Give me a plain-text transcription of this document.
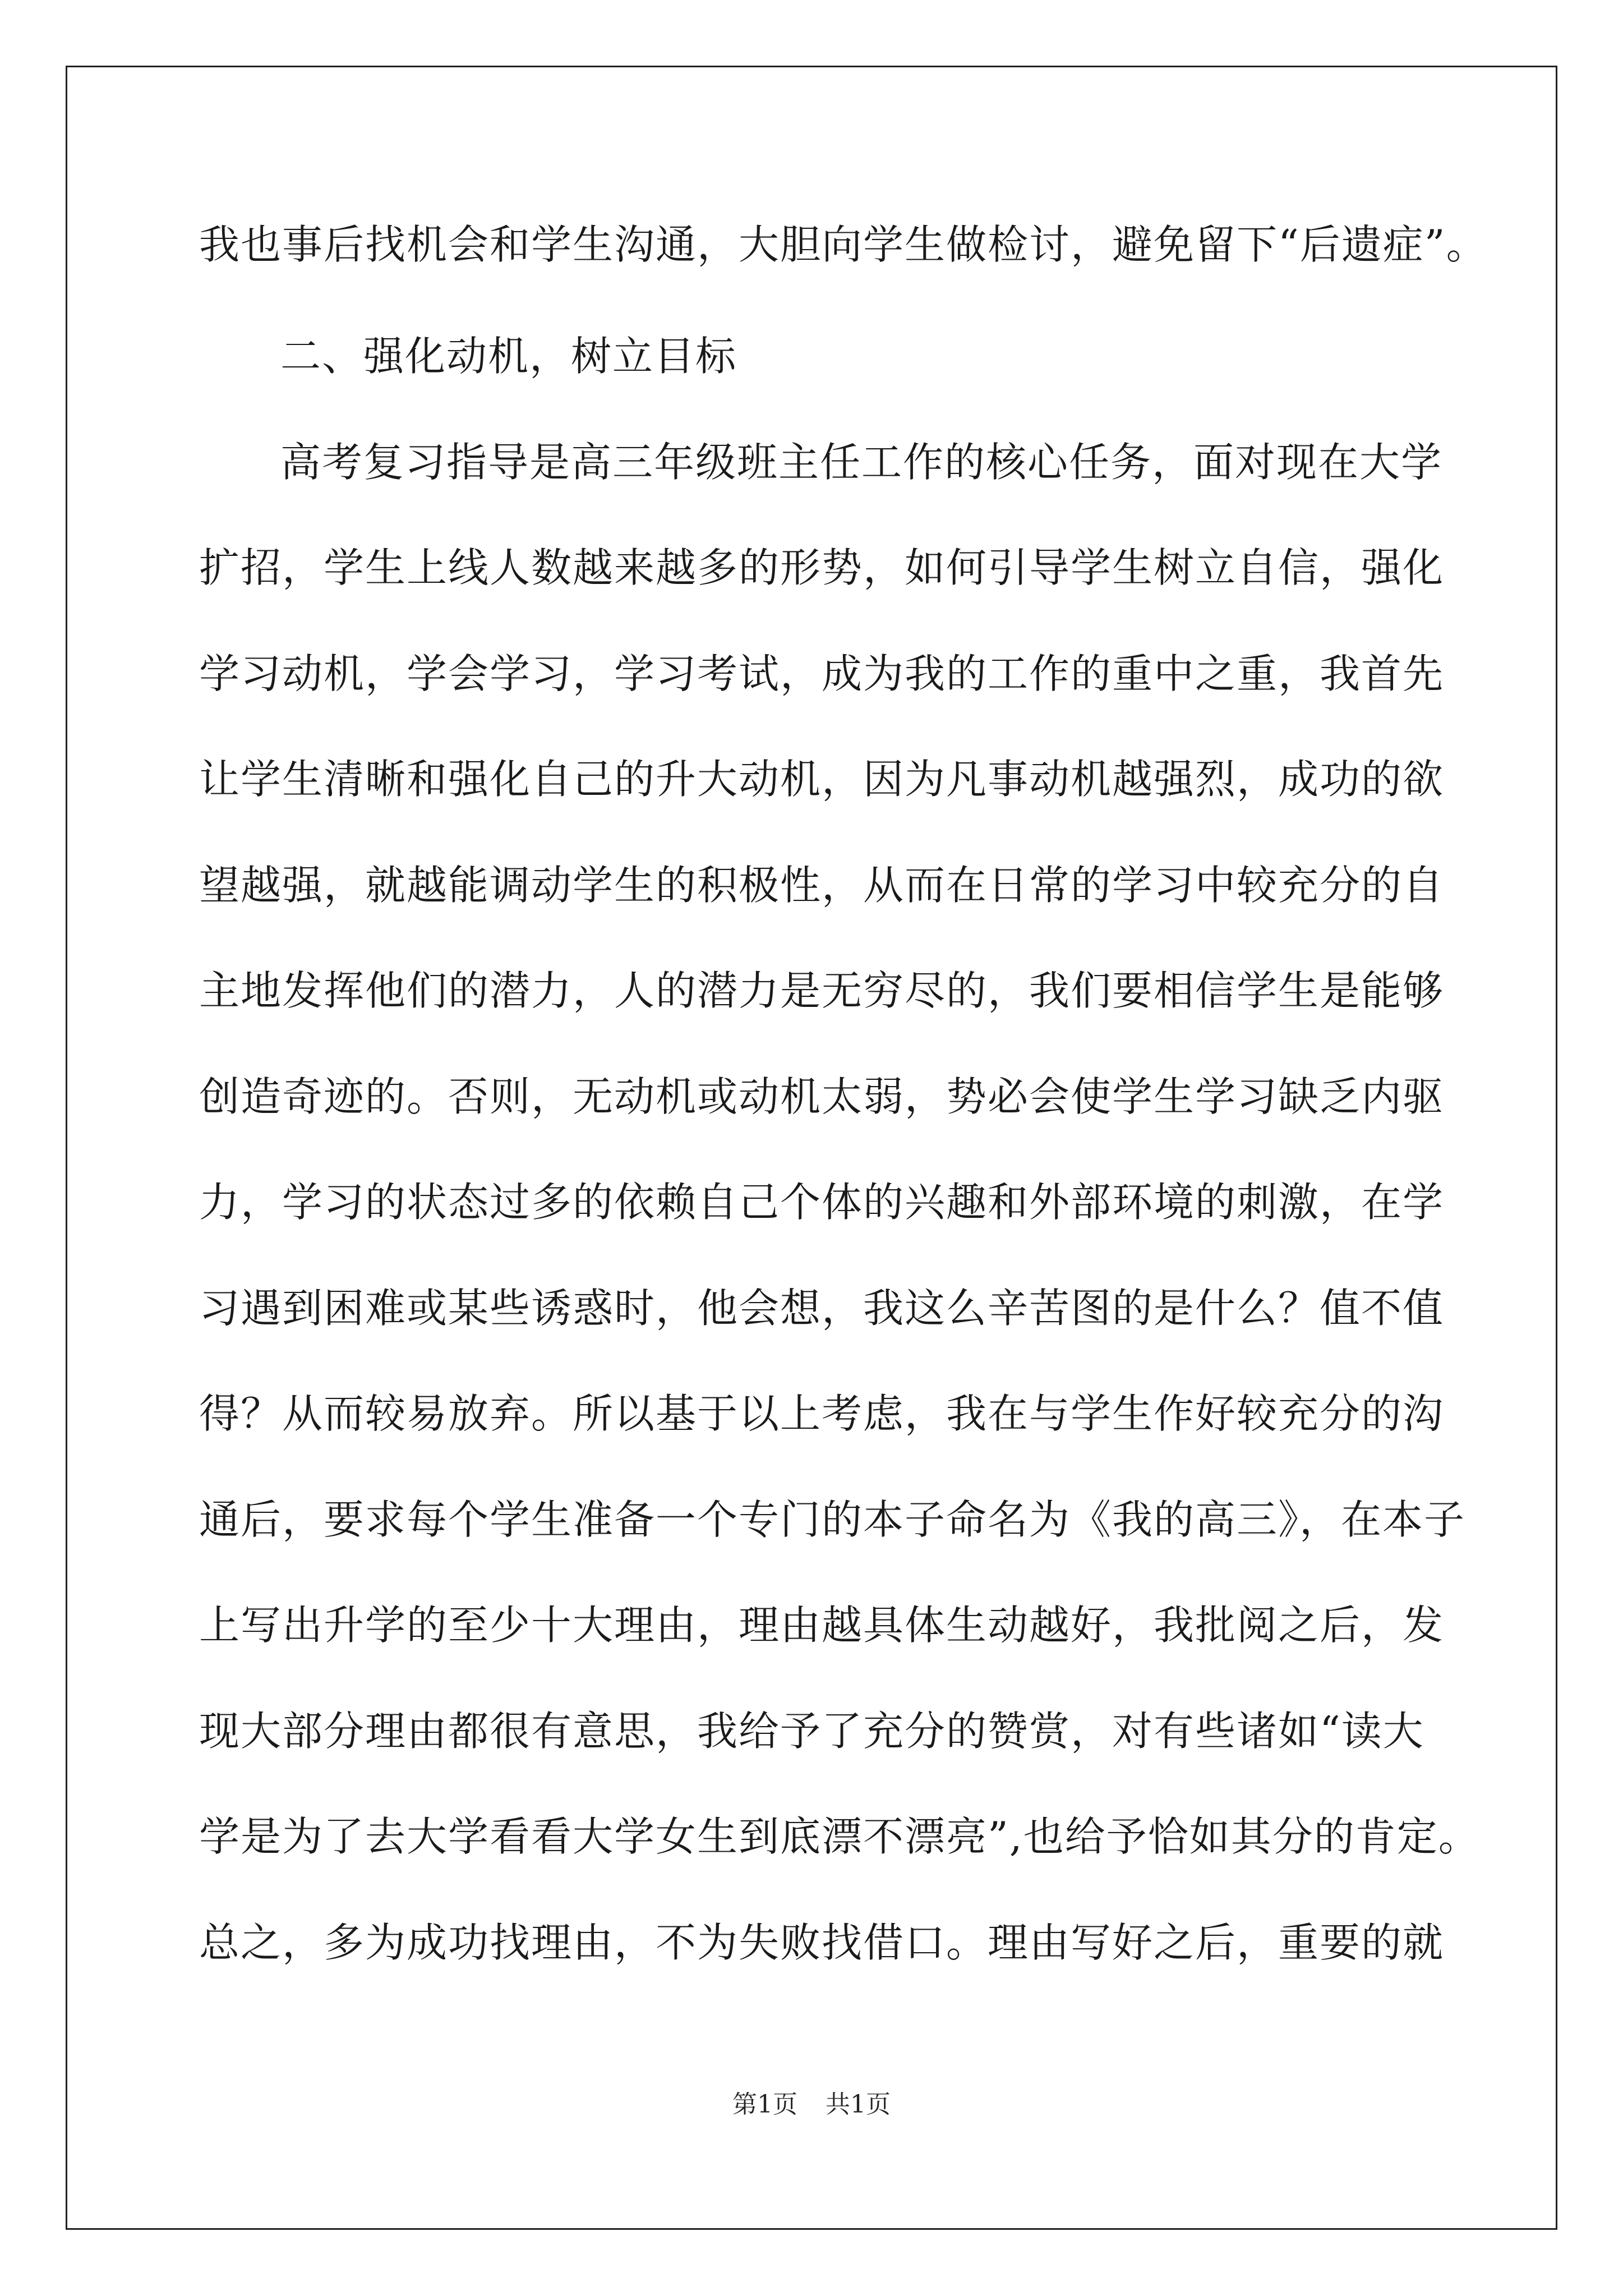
我也事后找机会和学生沟通，大胆向学生做检讨，避免留下“后遗症”。
二、强化动机，树立目标
高考复习指导是高三年级班主任工作的核心任务，面对现在大学
扩招，学生上线人数越来越多的形势，如何引导学生树立自信，强化
学习动机，学会学习，学习考试，成为我的工作的重中之重，我首先
让学生清晰和强化自己的升大动机，因为凡事动机越强烈，成功的欲
望越强，就越能调动学生的积极性，从而在日常的学习中较充分的自
主地发挥他们的潜力，人的潜力是无穷尽的，我们要相信学生是能够
创造奇迹的。否则，无动机或动机太弱，势必会使学生学习缺乏内驱
力，学习的状态过多的依赖自己个体的兴趣和外部环境的刺激，在学
习遇到困难或某些诱惑时，他会想，我这么辛苦图的是什么？值不值
得？从而较易放弃。所以基于以上考虑，我在与学生作好较充分的沟
通后，要求每个学生准备一个专门的本子命名为《我的高三》，在本子
上写出升学的至少十大理由，理由越具体生动越好，我批阅之后，发
现大部分理由都很有意思，我给予了充分的赞赏，对有些诸如“读大
学是为了去大学看看大学女生到底漂不漂亮”,也给予恰如其分的肯定。
总之，多为成功找理由，不为失败找借口。理由写好之后，重要的就
第1页 共1页
